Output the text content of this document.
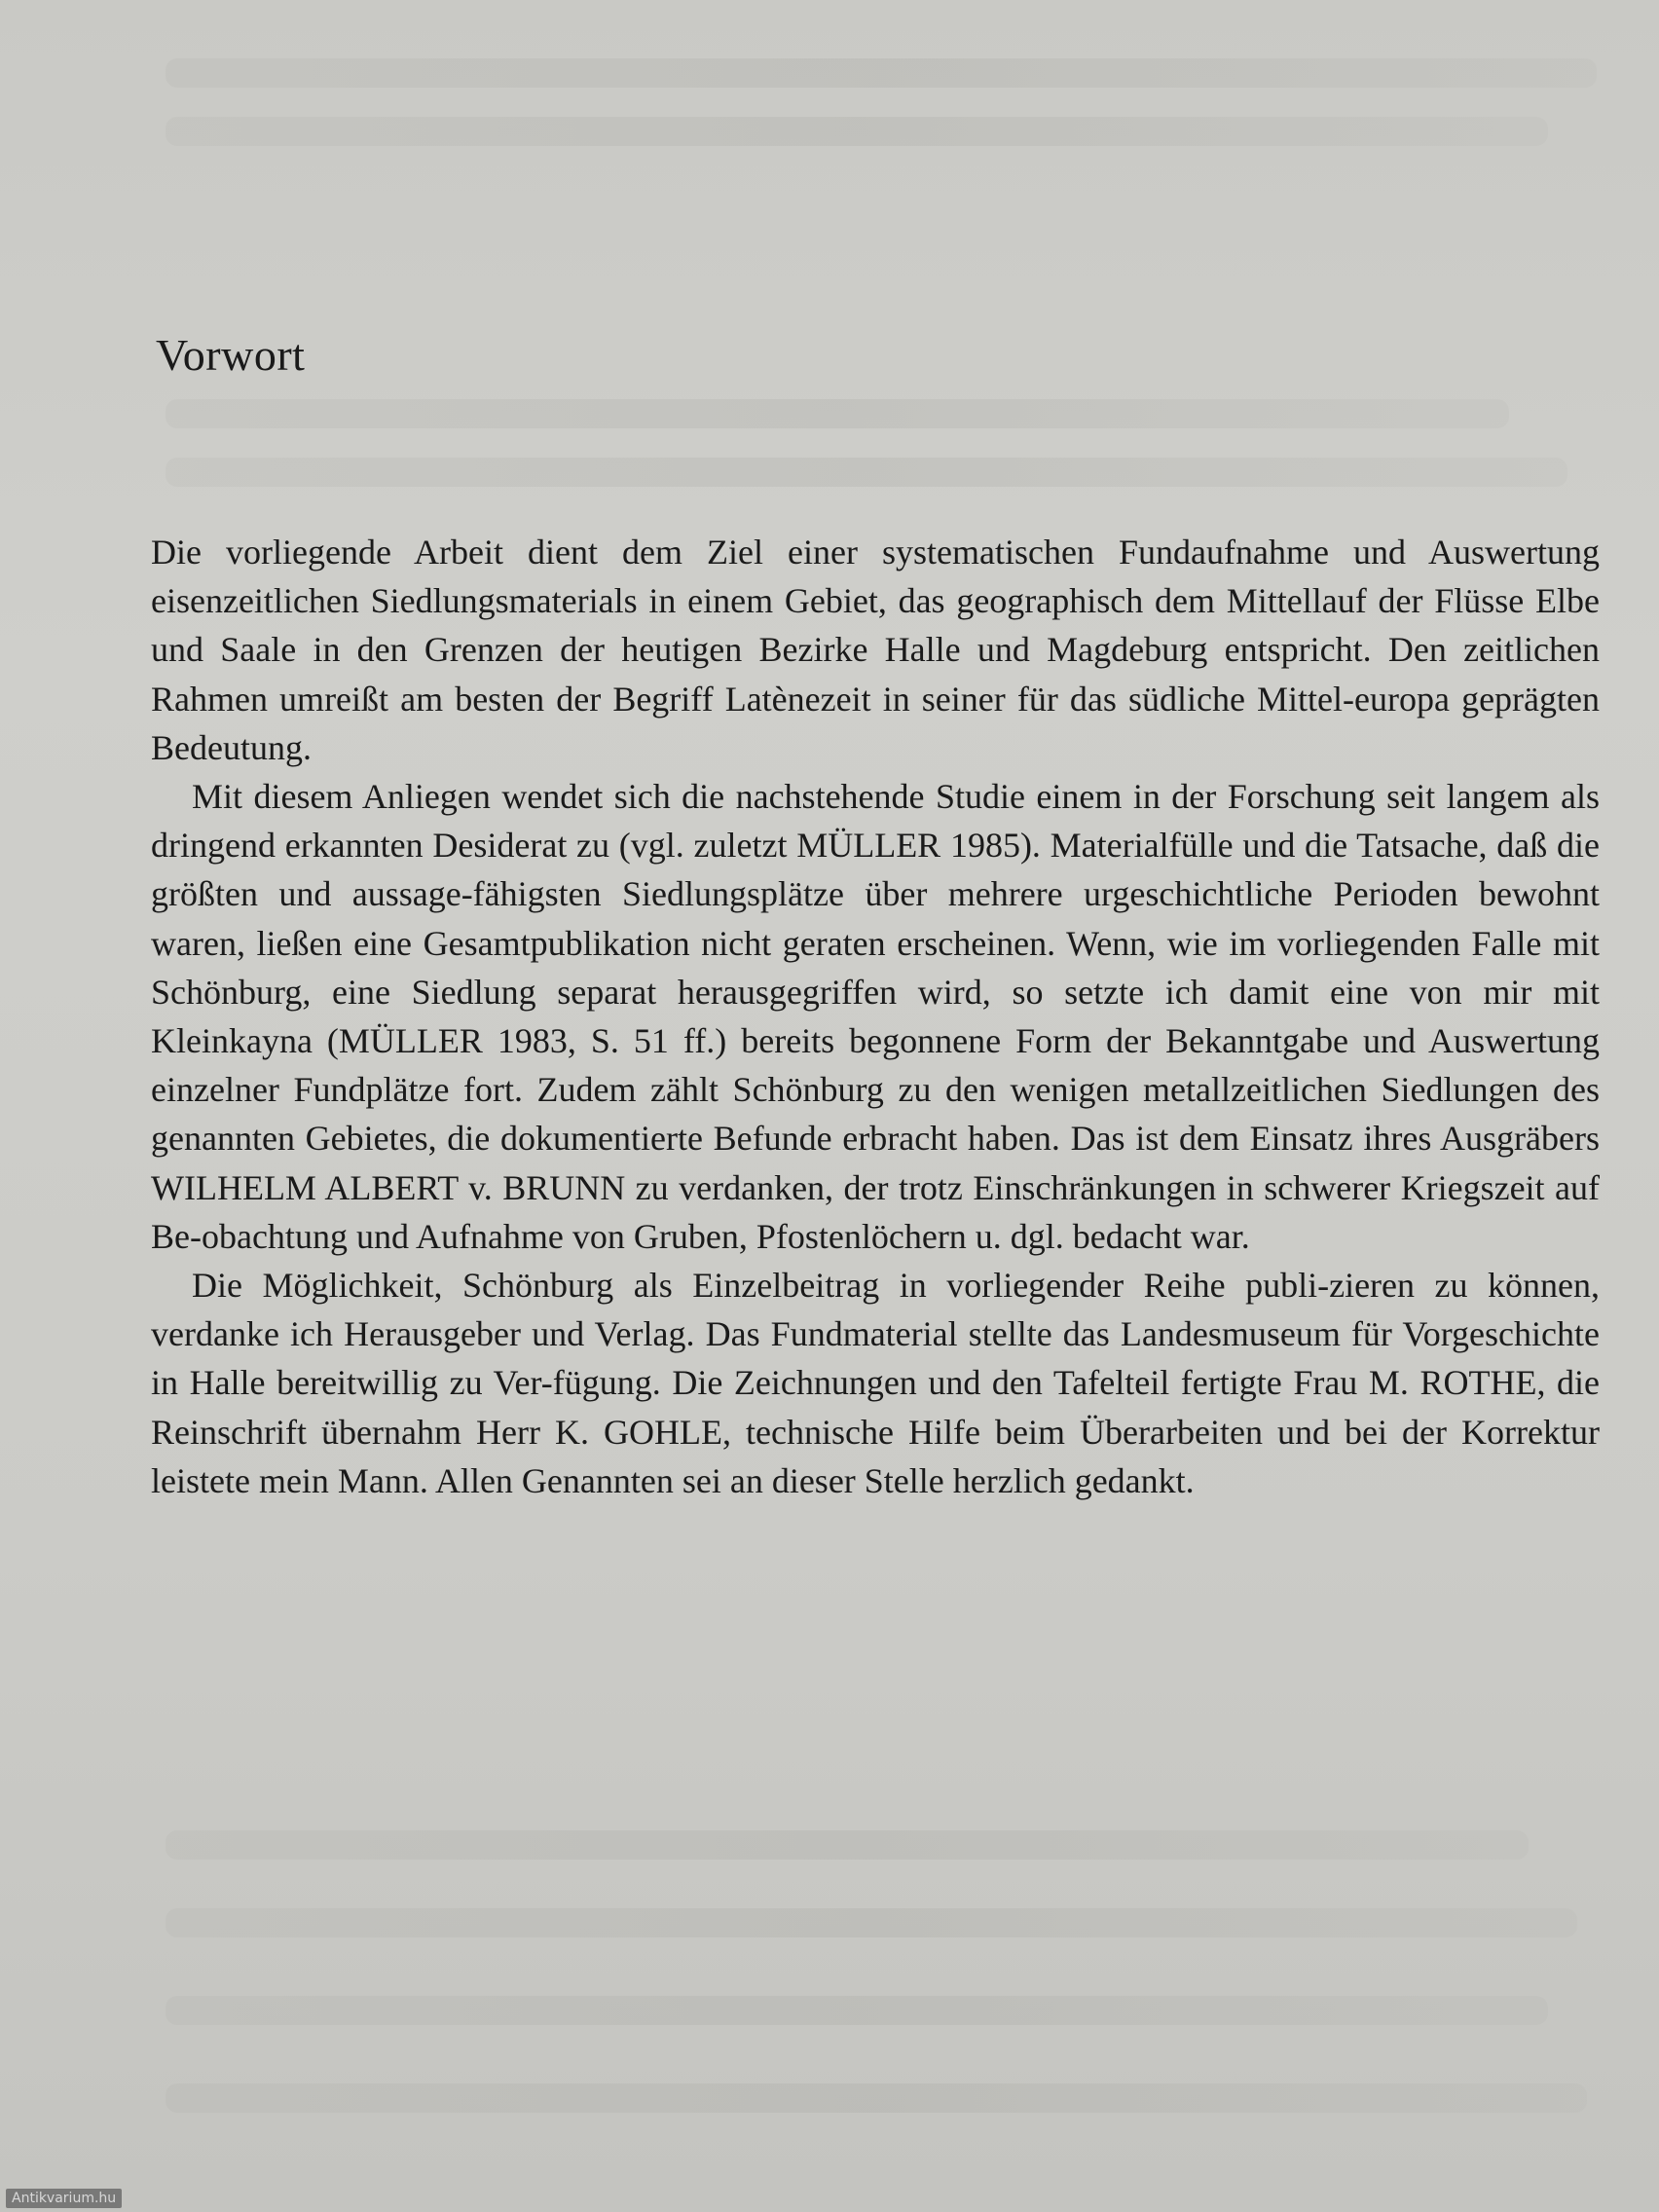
Vorwort

Die vorliegende Arbeit dient dem Ziel einer systematischen Fundaufnahme und Auswertung eisenzeitlichen Siedlungsmaterials in einem Gebiet, das geographisch dem Mittellauf der Flüsse Elbe und Saale in den Grenzen der heutigen Bezirke Halle und Magdeburg entspricht. Den zeitlichen Rahmen umreißt am besten der Begriff Latènezeit in seiner für das südliche Mittel-europa geprägten Bedeutung.

Mit diesem Anliegen wendet sich die nachstehende Studie einem in der Forschung seit langem als dringend erkannten Desiderat zu (vgl. zuletzt MÜLLER 1985). Materialfülle und die Tatsache, daß die größten und aussage-fähigsten Siedlungsplätze über mehrere urgeschichtliche Perioden bewohnt waren, ließen eine Gesamtpublikation nicht geraten erscheinen. Wenn, wie im vorliegenden Falle mit Schönburg, eine Siedlung separat herausgegriffen wird, so setzte ich damit eine von mir mit Kleinkayna (MÜLLER 1983, S. 51 ff.) bereits begonnene Form der Bekanntgabe und Auswertung einzelner Fundplätze fort. Zudem zählt Schönburg zu den wenigen metallzeitlichen Siedlungen des genannten Gebietes, die dokumentierte Befunde erbracht haben. Das ist dem Einsatz ihres Ausgräbers WILHELM ALBERT v. BRUNN zu verdanken, der trotz Einschränkungen in schwerer Kriegszeit auf Be-obachtung und Aufnahme von Gruben, Pfostenlöchern u. dgl. bedacht war.

Die Möglichkeit, Schönburg als Einzelbeitrag in vorliegender Reihe publi-zieren zu können, verdanke ich Herausgeber und Verlag. Das Fundmaterial stellte das Landesmuseum für Vorgeschichte in Halle bereitwillig zu Ver-fügung. Die Zeichnungen und den Tafelteil fertigte Frau M. ROTHE, die Reinschrift übernahm Herr K. GOHLE, technische Hilfe beim Überarbeiten und bei der Korrektur leistete mein Mann. Allen Genannten sei an dieser Stelle herzlich gedankt.

Antikvarium.hu
